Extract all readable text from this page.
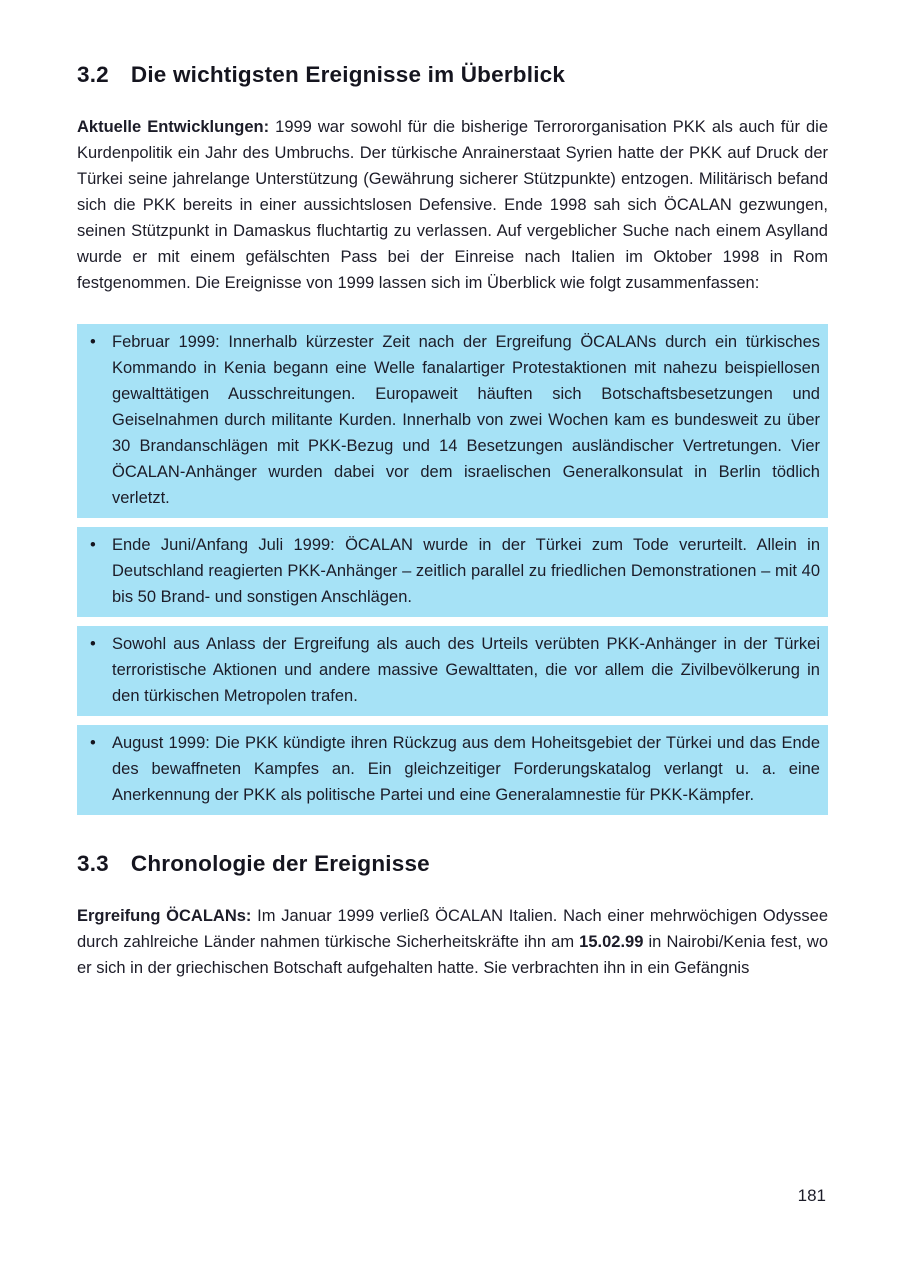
3.2 Die wichtigsten Ereignisse im Überblick

Aktuelle Entwicklungen: 1999 war sowohl für die bisherige Terrororganisation PKK als auch für die Kurdenpolitik ein Jahr des Umbruchs. Der türkische Anrainerstaat Syrien hatte der PKK auf Druck der Türkei seine jahrelange Unterstützung (Gewährung sicherer Stützpunkte) entzogen. Militärisch befand sich die PKK bereits in einer aussichtslosen Defensive. Ende 1998 sah sich ÖCALAN gezwungen, seinen Stützpunkt in Damaskus fluchtartig zu verlassen. Auf vergeblicher Suche nach einem Asylland wurde er mit einem gefälschten Pass bei der Einreise nach Italien im Oktober 1998 in Rom festgenommen. Die Ereignisse von 1999 lassen sich im Überblick wie folgt zusammenfassen:

• Februar 1999: Innerhalb kürzester Zeit nach der Ergreifung ÖCALANs durch ein türkisches Kommando in Kenia begann eine Welle fanalartiger Protestaktionen mit nahezu beispiellosen gewalttätigen Ausschreitungen. Europaweit häuften sich Botschaftsbesetzungen und Geiselnahmen durch militante Kurden. Innerhalb von zwei Wochen kam es bundesweit zu über 30 Brandanschlägen mit PKK-Bezug und 14 Besetzungen ausländischer Vertretungen. Vier ÖCALAN-Anhänger wurden dabei vor dem israelischen Generalkonsulat in Berlin tödlich verletzt.
• Ende Juni/Anfang Juli 1999: ÖCALAN wurde in der Türkei zum Tode verurteilt. Allein in Deutschland reagierten PKK-Anhänger – zeitlich parallel zu friedlichen Demonstrationen – mit 40 bis 50 Brand- und sonstigen Anschlägen.
• Sowohl aus Anlass der Ergreifung als auch des Urteils verübten PKK-Anhänger in der Türkei terroristische Aktionen und andere massive Gewalttaten, die vor allem die Zivilbevölkerung in den türkischen Metropolen trafen.
• August 1999: Die PKK kündigte ihren Rückzug aus dem Hoheitsgebiet der Türkei und das Ende des bewaffneten Kampfes an. Ein gleichzeitiger Forderungskatalog verlangt u. a. eine Anerkennung der PKK als politische Partei und eine Generalamnestie für PKK-Kämpfer.
3.3 Chronologie der Ereignisse

Ergreifung ÖCALANs: Im Januar 1999 verließ ÖCALAN Italien. Nach einer mehrwöchigen Odyssee durch zahlreiche Länder nahmen türkische Sicherheitskräfte ihn am 15.02.99 in Nairobi/Kenia fest, wo er sich in der griechischen Botschaft aufgehalten hatte. Sie verbrachten ihn in ein Gefängnis

181
